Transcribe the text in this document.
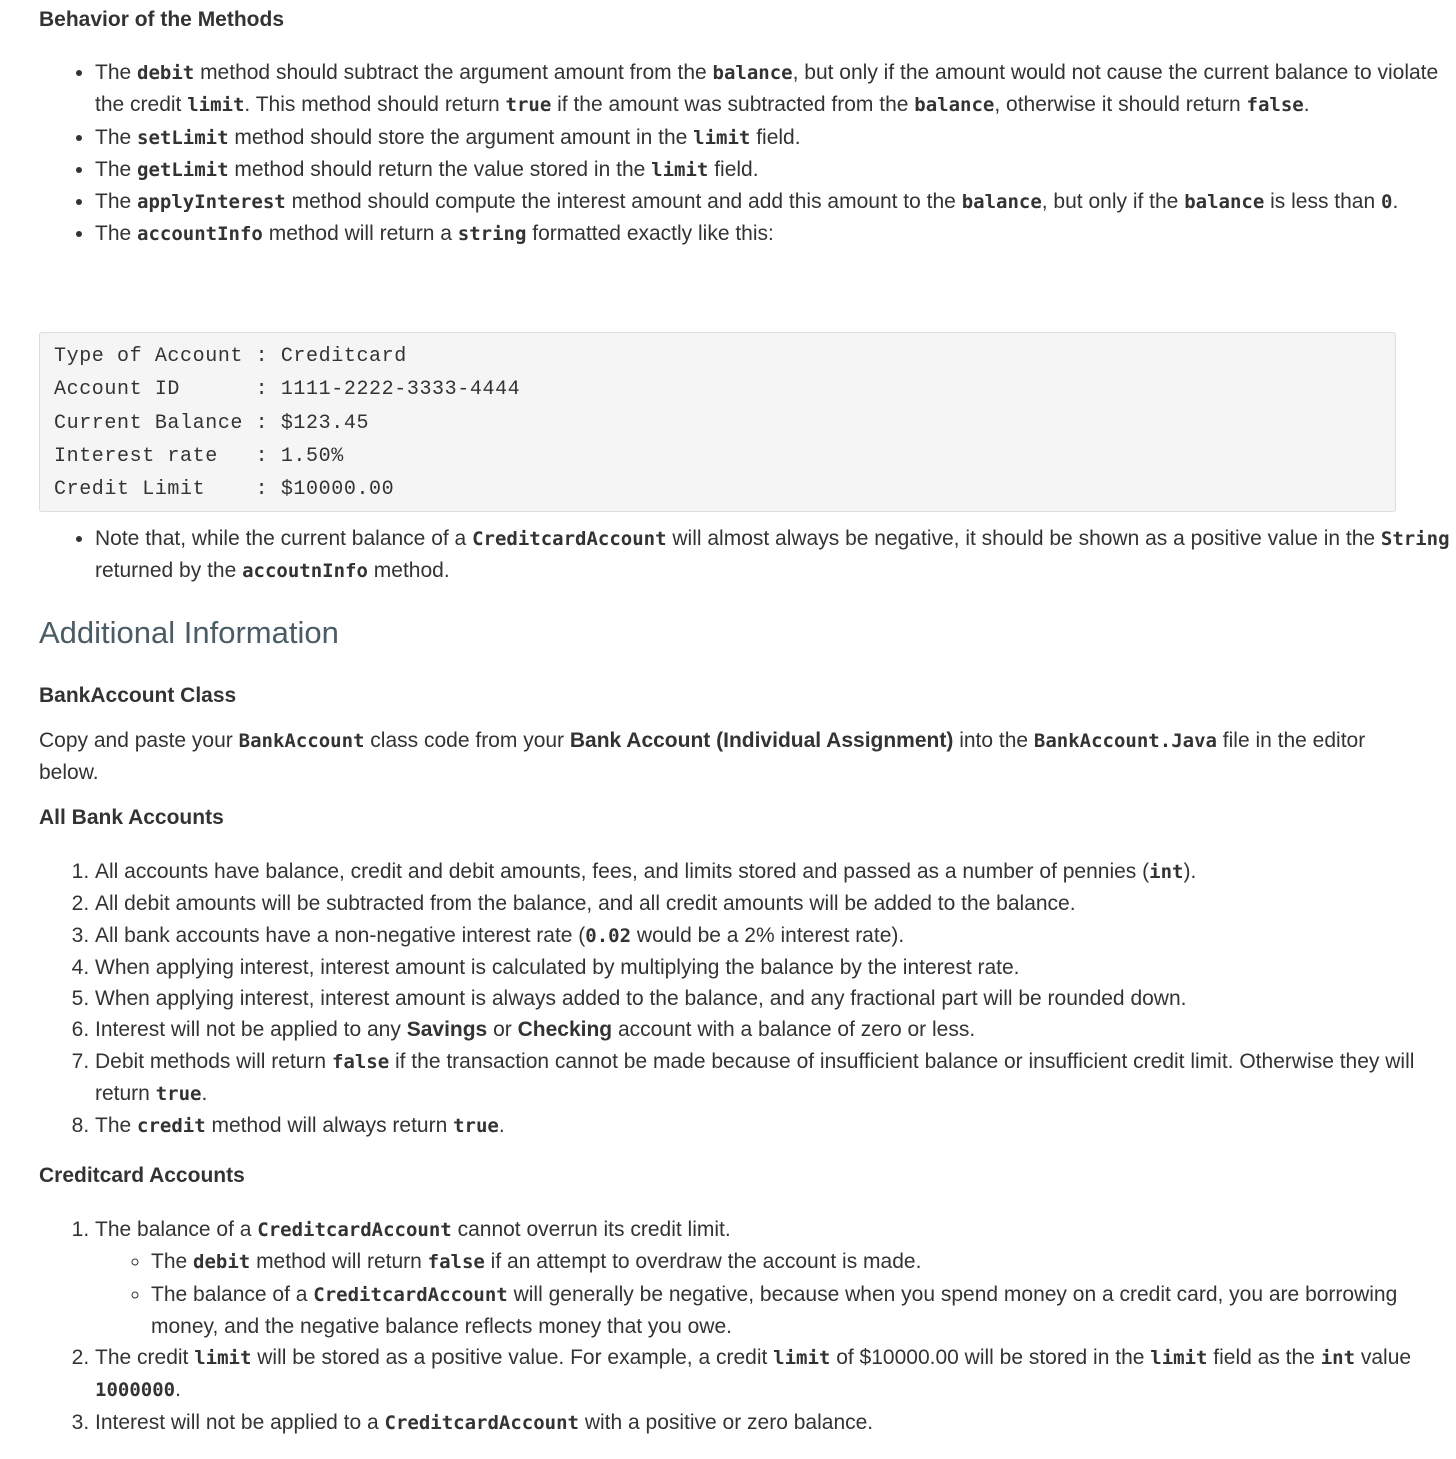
Behavior of the Methods
• The debit method should subtract the argument amount from the balance, but only if the amount would not cause the current balance to violate the credit limit. This method should return true if the amount was subtracted from the balance, otherwise it should return false.
• The setLimit method should store the argument amount in the limit field.
• The getLimit method should return the value stored in the limit field.
• The applyInterest method should compute the interest amount and add this amount to the balance, but only if the balance is less than 0.
• The accountInfo method will return a string formatted exactly like this:
Type of Account : Creditcard
Account ID      : 1111-2222-3333-4444
Current Balance : $123.45
Interest rate   : 1.50%
Credit Limit    : $10000.00
• Note that, while the current balance of a CreditcardAccount will almost always be negative, it should be shown as a positive value in the String returned by the accoutnInfo method.
Additional Information
BankAccount Class

Copy and paste your BankAccount class code from your Bank Account (Individual Assignment) into the BankAccount.Java file in the editor below.

All Bank Accounts
1. All accounts have balance, credit and debit amounts, fees, and limits stored and passed as a number of pennies (int).
2. All debit amounts will be subtracted from the balance, and all credit amounts will be added to the balance.
3. All bank accounts have a non-negative interest rate (0.02 would be a 2% interest rate).
4. When applying interest, interest amount is calculated by multiplying the balance by the interest rate.
5. When applying interest, interest amount is always added to the balance, and any fractional part will be rounded down.
6. Interest will not be applied to any Savings or Checking account with a balance of zero or less.
7. Debit methods will return false if the transaction cannot be made because of insufficient balance or insufficient credit limit. Otherwise they will return true.
8. The credit method will always return true.
Creditcard Accounts
1. The balance of a CreditcardAccount cannot overrun its credit limit.
◦ The debit method will return false if an attempt to overdraw the account is made.
◦ The balance of a CreditcardAccount will generally be negative, because when you spend money on a credit card, you are borrowing money, and the negative balance reflects money that you owe.
2. The credit limit will be stored as a positive value. For example, a credit limit of $10000.00 will be stored in the limit field as the int value 1000000.
3. Interest will not be applied to a CreditcardAccount with a positive or zero balance.
